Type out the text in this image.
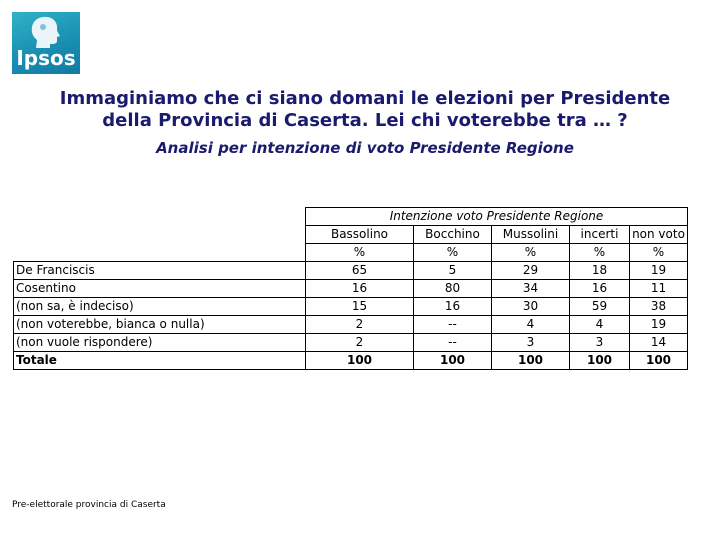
Ipsos
Immaginiamo che ci siano domani le elezioni per Presidente
della Provincia di Caserta. Lei chi voterebbe tra … ?
Analisi per intenzione di voto Presidente Regione
	Intenzione voto Presidente Regione				
	Bassolino	Bocchino	Mussolini	incerti	non voto
	%	%	%	%	%
De Franciscis	65	5	29	18	19
Cosentino	16	80	34	16	11
(non sa, è indeciso)	15	16	30	59	38
(non voterebbe, bianca o nulla)	2	--	4	4	19
(non vuole rispondere)	2	--	3	3	14
Totale	100	100	100	100	100
Pre-elettorale provincia di Caserta
